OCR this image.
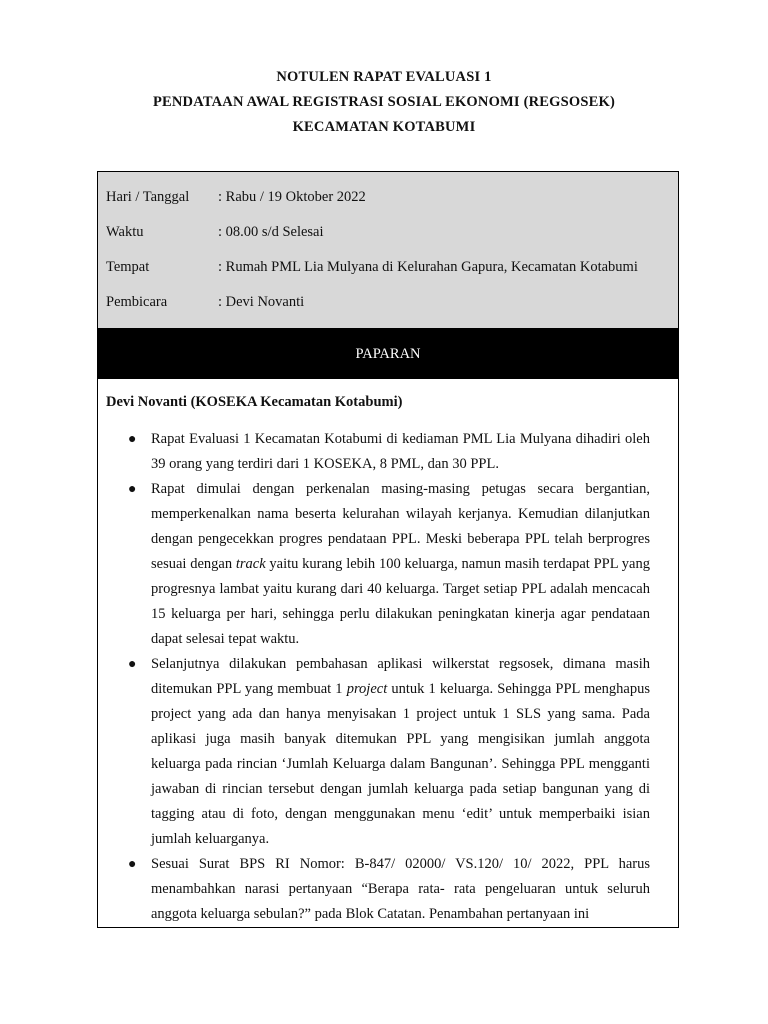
NOTULEN RAPAT EVALUASI 1
PENDATAAN AWAL REGISTRASI SOSIAL EKONOMI (REGSOSEK)
KECAMATAN KOTABUMI
Hari / Tanggal : Rabu / 19 Oktober 2022
Waktu	: 08.00 s/d Selesai
Tempat	: Rumah PML Lia Mulyana di Kelurahan Gapura, Kecamatan Kotabumi
Pembicara	: Devi Novanti
PAPARAN
Devi Novanti (KOSEKA Kecamatan Kotabumi)
● Rapat Evaluasi 1 Kecamatan Kotabumi di kediaman PML Lia Mulyana dihadiri oleh 39 orang yang terdiri dari 1 KOSEKA, 8 PML, dan 30 PPL.
● Rapat dimulai dengan perkenalan masing-masing petugas secara bergantian, memperkenalkan nama beserta kelurahan wilayah kerjanya. Kemudian dilanjutkan dengan pengecekkan progres pendataan PPL. Meski beberapa PPL telah berprogres sesuai dengan track yaitu kurang lebih 100 keluarga, namun masih terdapat PPL yang progresnya lambat yaitu kurang dari 40 keluarga. Target setiap PPL adalah mencacah 15 keluarga per hari, sehingga perlu dilakukan peningkatan kinerja agar pendataan dapat selesai tepat waktu.
● Selanjutnya dilakukan pembahasan aplikasi wilkerstat regsosek, dimana masih ditemukan PPL yang membuat 1 project untuk 1 keluarga. Sehingga PPL menghapus project yang ada dan hanya menyisakan 1 project untuk 1 SLS yang sama. Pada aplikasi juga masih banyak ditemukan PPL yang mengisikan jumlah anggota keluarga pada rincian ‘Jumlah Keluarga dalam Bangunan’. Sehingga PPL mengganti jawaban di rincian tersebut dengan jumlah keluarga pada setiap bangunan yang di tagging atau di foto, dengan menggunakan menu ‘edit’ untuk memperbaiki isian jumlah keluarganya.
● Sesuai Surat BPS RI Nomor: B-847/ 02000/ VS.120/ 10/ 2022, PPL harus menambahkan narasi pertanyaan “Berapa rata- rata pengeluaran untuk seluruh anggota keluarga sebulan?” pada Blok Catatan. Penambahan pertanyaan ini
